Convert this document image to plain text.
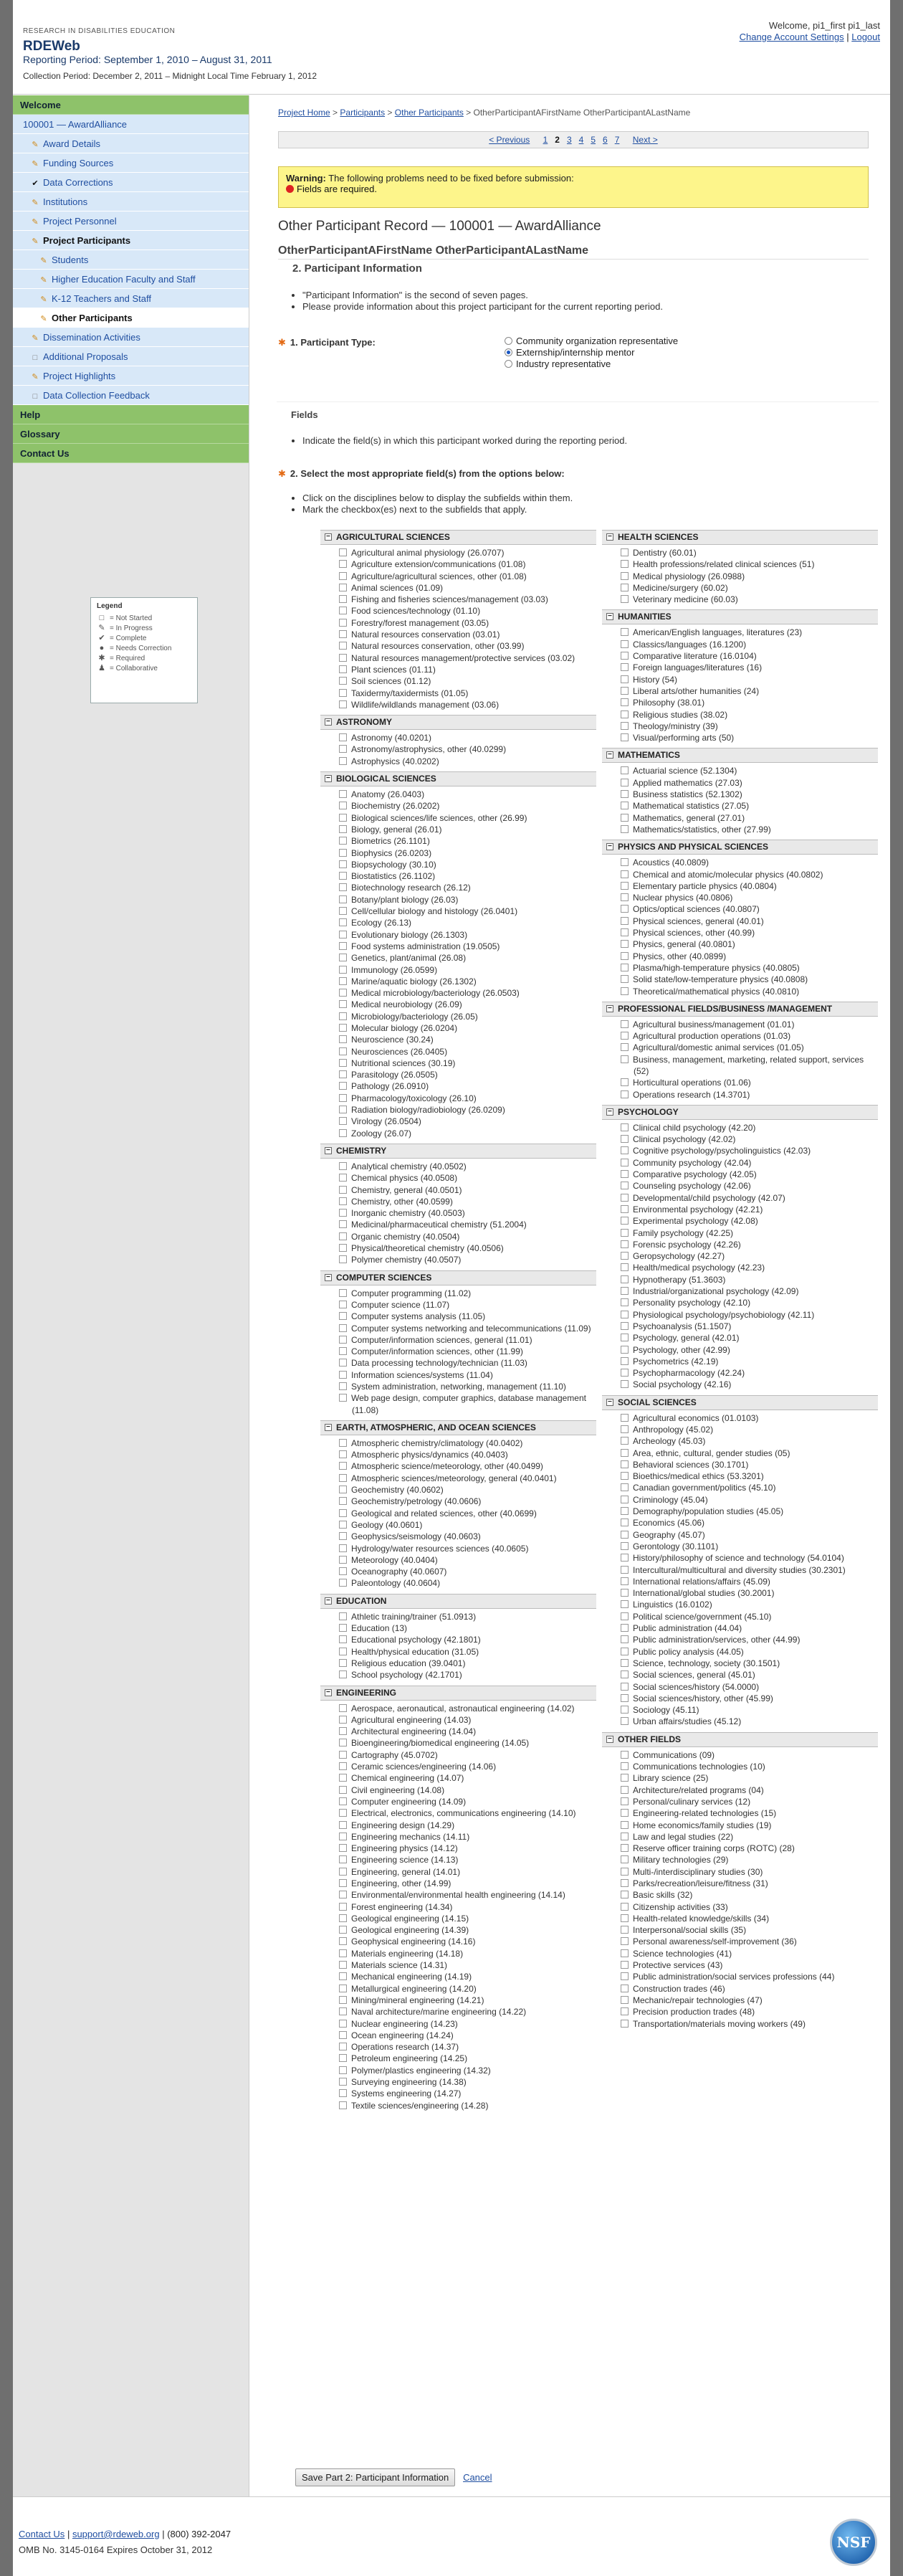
RESEARCH IN DISABILITIES EDUCATION
RDEWeb
Reporting Period: September 1, 2010 – August 31, 2011
Collection Period: December 2, 2011 – Midnight Local Time February 1, 2012
Welcome, pi1_first pi1_last
Change Account Settings | Logout
Welcome
100001 — AwardAlliance
✎ Award Details
✎ Funding Sources
✔ Data Corrections
✎ Institutions
✎ Project Personnel
✎ Project Participants
✎ Students
✎ Higher Education Faculty and Staff
✎ K-12 Teachers and Staff
✎ Other Participants
✎ Dissemination Activities
□ Additional Proposals
✎ Project Highlights
□ Data Collection Feedback
Help
Glossary
Contact Us
Legend
□ = Not Started
✎ = In Progress
✔ = Complete
● = Needs Correction
✱ = Required
♟ = Collaborative
Project Home > Participants > Other Participants > OtherParticipantAFirstName OtherParticipantALastName
< Previous 1 2 3 4 5 6 7 Next >
Warning: The following problems need to be fixed before submission:
Fields are required.
Other Participant Record — 100001 — AwardAlliance
OtherParticipantAFirstName OtherParticipantALastName
2. Participant Information
• "Participant Information" is the second of seven pages.
• Please provide information about this project participant for the current reporting period.
✱ 1. Participant Type:	Community organization representative
Externship/internship mentor
Industry representative
Fields
• Indicate the field(s) in which this participant worked during the reporting period.
✱ 2. Select the most appropriate field(s) from the options below:
• Click on the disciplines below to display the subfields within them.
• Mark the checkbox(es) next to the subfields that apply.
−AGRICULTURAL SCIENCES
Agricultural animal physiology (26.0707)
Agriculture extension/communications (01.08)
Agriculture/agricultural sciences, other (01.08)
Animal sciences (01.09)
Fishing and fisheries sciences/management (03.03)
Food sciences/technology (01.10)
Forestry/forest management (03.05)
Natural resources conservation (03.01)
Natural resources conservation, other (03.99)
Natural resources management/protective services (03.02)
Plant sciences (01.11)
Soil sciences (01.12)
Taxidermy/taxidermists (01.05)
Wildlife/wildlands management (03.06)
−ASTRONOMY
Astronomy (40.0201)
Astronomy/astrophysics, other (40.0299)
Astrophysics (40.0202)
−BIOLOGICAL SCIENCES
Anatomy (26.0403)
Biochemistry (26.0202)
Biological sciences/life sciences, other (26.99)
Biology, general (26.01)
Biometrics (26.1101)
Biophysics (26.0203)
Biopsychology (30.10)
Biostatistics (26.1102)
Biotechnology research (26.12)
Botany/plant biology (26.03)
Cell/cellular biology and histology (26.0401)
Ecology (26.13)
Evolutionary biology (26.1303)
Food systems administration (19.0505)
Genetics, plant/animal (26.08)
Immunology (26.0599)
Marine/aquatic biology (26.1302)
Medical microbiology/bacteriology (26.0503)
Medical neurobiology (26.09)
Microbiology/bacteriology (26.05)
Molecular biology (26.0204)
Neuroscience (30.24)
Neurosciences (26.0405)
Nutritional sciences (30.19)
Parasitology (26.0505)
Pathology (26.0910)
Pharmacology/toxicology (26.10)
Radiation biology/radiobiology (26.0209)
Virology (26.0504)
Zoology (26.07)
−CHEMISTRY
Analytical chemistry (40.0502)
Chemical physics (40.0508)
Chemistry, general (40.0501)
Chemistry, other (40.0599)
Inorganic chemistry (40.0503)
Medicinal/pharmaceutical chemistry (51.2004)
Organic chemistry (40.0504)
Physical/theoretical chemistry (40.0506)
Polymer chemistry (40.0507)
−COMPUTER SCIENCES
Computer programming (11.02)
Computer science (11.07)
Computer systems analysis (11.05)
Computer systems networking and telecommunications (11.09)
Computer/information sciences, general (11.01)
Computer/information sciences, other (11.99)
Data processing technology/technician (11.03)
Information sciences/systems (11.04)
System administration, networking, management (11.10)
Web page design, computer graphics, database management (11.08)
−EARTH, ATMOSPHERIC, AND OCEAN SCIENCES
Atmospheric chemistry/climatology (40.0402)
Atmospheric physics/dynamics (40.0403)
Atmospheric science/meteorology, other (40.0499)
Atmospheric sciences/meteorology, general (40.0401)
Geochemistry (40.0602)
Geochemistry/petrology (40.0606)
Geological and related sciences, other (40.0699)
Geology (40.0601)
Geophysics/seismology (40.0603)
Hydrology/water resources sciences (40.0605)
Meteorology (40.0404)
Oceanography (40.0607)
Paleontology (40.0604)
−EDUCATION
Athletic training/trainer (51.0913)
Education (13)
Educational psychology (42.1801)
Health/physical education (31.05)
Religious education (39.0401)
School psychology (42.1701)
−ENGINEERING
Aerospace, aeronautical, astronautical engineering (14.02)
Agricultural engineering (14.03)
Architectural engineering (14.04)
Bioengineering/biomedical engineering (14.05)
Cartography (45.0702)
Ceramic sciences/engineering (14.06)
Chemical engineering (14.07)
Civil engineering (14.08)
Computer engineering (14.09)
Electrical, electronics, communications engineering (14.10)
Engineering design (14.29)
Engineering mechanics (14.11)
Engineering physics (14.12)
Engineering science (14.13)
Engineering, general (14.01)
Engineering, other (14.99)
Environmental/environmental health engineering (14.14)
Forest engineering (14.34)
Geological engineering (14.15)
Geological engineering (14.39)
Geophysical engineering (14.16)
Materials engineering (14.18)
Materials science (14.31)
Mechanical engineering (14.19)
Metallurgical engineering (14.20)
Mining/mineral engineering (14.21)
Naval architecture/marine engineering (14.22)
Nuclear engineering (14.23)
Ocean engineering (14.24)
Operations research (14.37)
Petroleum engineering (14.25)
Polymer/plastics engineering (14.32)
Surveying engineering (14.38)
Systems engineering (14.27)
Textile sciences/engineering (14.28)
−HEALTH SCIENCES
Dentistry (60.01)
Health professions/related clinical sciences (51)
Medical physiology (26.0988)
Medicine/surgery (60.02)
Veterinary medicine (60.03)
−HUMANITIES
American/English languages, literatures (23)
Classics/languages (16.1200)
Comparative literature (16.0104)
Foreign languages/literatures (16)
History (54)
Liberal arts/other humanities (24)
Philosophy (38.01)
Religious studies (38.02)
Theology/ministry (39)
Visual/performing arts (50)
−MATHEMATICS
Actuarial science (52.1304)
Applied mathematics (27.03)
Business statistics (52.1302)
Mathematical statistics (27.05)
Mathematics, general (27.01)
Mathematics/statistics, other (27.99)
−PHYSICS AND PHYSICAL SCIENCES
Acoustics (40.0809)
Chemical and atomic/molecular physics (40.0802)
Elementary particle physics (40.0804)
Nuclear physics (40.0806)
Optics/optical sciences (40.0807)
Physical sciences, general (40.01)
Physical sciences, other (40.99)
Physics, general (40.0801)
Physics, other (40.0899)
Plasma/high-temperature physics (40.0805)
Solid state/low-temperature physics (40.0808)
Theoretical/mathematical physics (40.0810)
−PROFESSIONAL FIELDS/BUSINESS /MANAGEMENT
Agricultural business/management (01.01)
Agricultural production operations (01.03)
Agricultural/domestic animal services (01.05)
Business, management, marketing, related support, services (52)
Horticultural operations (01.06)
Operations research (14.3701)
−PSYCHOLOGY
Clinical child psychology (42.20)
Clinical psychology (42.02)
Cognitive psychology/psycholinguistics (42.03)
Community psychology (42.04)
Comparative psychology (42.05)
Counseling psychology (42.06)
Developmental/child psychology (42.07)
Environmental psychology (42.21)
Experimental psychology (42.08)
Family psychology (42.25)
Forensic psychology (42.26)
Geropsychology (42.27)
Health/medical psychology (42.23)
Hypnotherapy (51.3603)
Industrial/organizational psychology (42.09)
Personality psychology (42.10)
Physiological psychology/psychobiology (42.11)
Psychoanalysis (51.1507)
Psychology, general (42.01)
Psychology, other (42.99)
Psychometrics (42.19)
Psychopharmacology (42.24)
Social psychology (42.16)
−SOCIAL SCIENCES
Agricultural economics (01.0103)
Anthropology (45.02)
Archeology (45.03)
Area, ethnic, cultural, gender studies (05)
Behavioral sciences (30.1701)
Bioethics/medical ethics (53.3201)
Canadian government/politics (45.10)
Criminology (45.04)
Demography/population studies (45.05)
Economics (45.06)
Geography (45.07)
Gerontology (30.1101)
History/philosophy of science and technology (54.0104)
Intercultural/multicultural and diversity studies (30.2301)
International relations/affairs (45.09)
International/global studies (30.2001)
Linguistics (16.0102)
Political science/government (45.10)
Public administration (44.04)
Public administration/services, other (44.99)
Public policy analysis (44.05)
Science, technology, society (30.1501)
Social sciences, general (45.01)
Social sciences/history (54.0000)
Social sciences/history, other (45.99)
Sociology (45.11)
Urban affairs/studies (45.12)
−OTHER FIELDS
Communications (09)
Communications technologies (10)
Library science (25)
Architecture/related programs (04)
Personal/culinary services (12)
Engineering-related technologies (15)
Home economics/family studies (19)
Law and legal studies (22)
Reserve officer training corps (ROTC) (28)
Military technologies (29)
Multi-/interdisciplinary studies (30)
Parks/recreation/leisure/fitness (31)
Basic skills (32)
Citizenship activities (33)
Health-related knowledge/skills (34)
Interpersonal/social skills (35)
Personal awareness/self-improvement (36)
Science technologies (41)
Protective services (43)
Public administration/social services professions (44)
Construction trades (46)
Mechanic/repair technologies (47)
Precision production trades (48)
Transportation/materials moving workers (49)
Save Part 2: Participant Information Cancel
Contact Us | support@rdeweb.org | (800) 392-2047
OMB No. 3145-0164 Expires October 31, 2012	NSF
